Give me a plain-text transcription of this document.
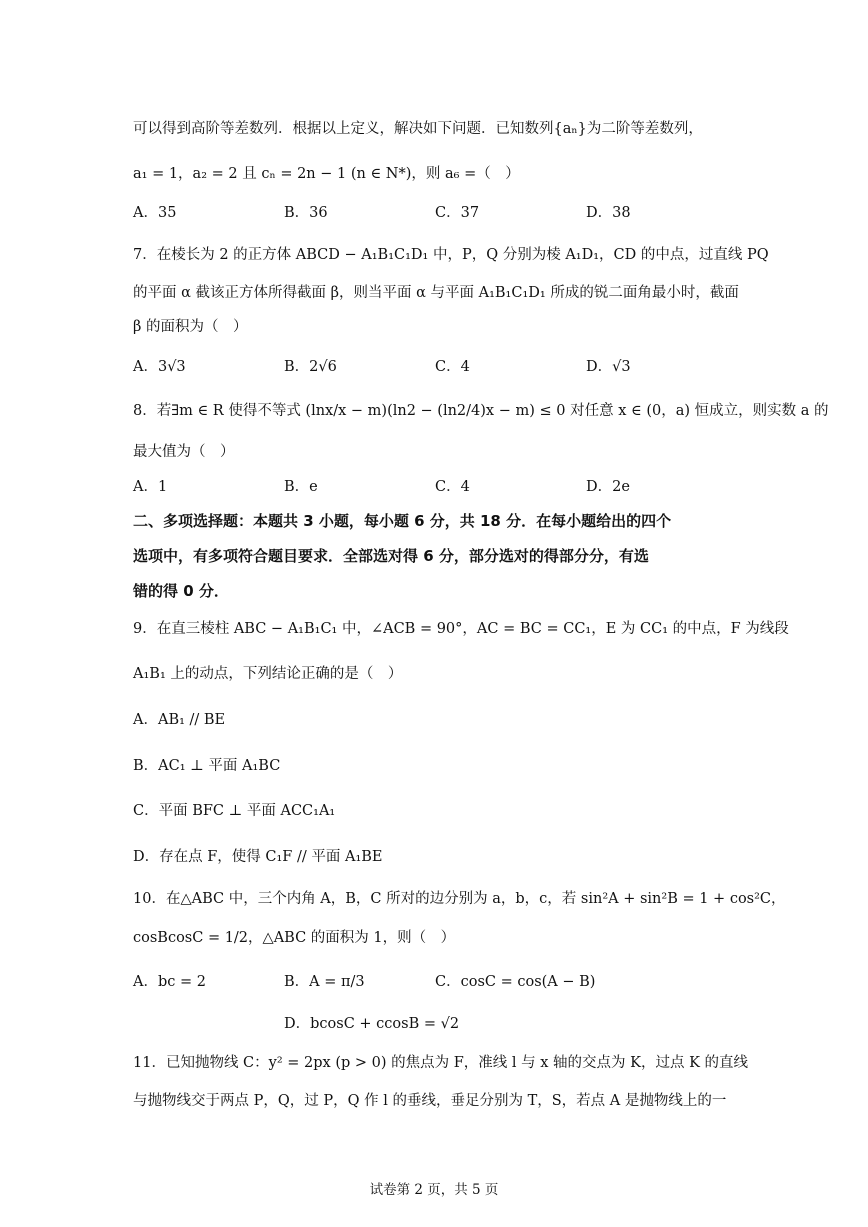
可以得到高阶等差数列．根据以上定义，解决如下问题．已知数列{aₙ}为二阶等差数列，
a₁ = 1，a₂ = 2 且 cₙ = 2n − 1 (n ∈ N*)，则 a₆ =（　）
A．35	B．36	C．37	D．38
7．在棱长为 2 的正方体 ABCD − A₁B₁C₁D₁ 中，P，Q 分别为棱 A₁D₁，CD 的中点，过直线 PQ
的平面 α 截该正方体所得截面 β，则当平面 α 与平面 A₁B₁C₁D₁ 所成的锐二面角最小时，截面
β 的面积为（　）
A．3√3	B．2√6	C．4	D．√3
8．若∃m ∈ R 使得不等式 (lnx/x − m)(ln2 − (ln2/4)x − m) ≤ 0 对任意 x ∈ (0，a) 恒成立，则实数 a 的
最大值为（　）
A．1	B．e	C．4	D．2e
二、多项选择题：本题共 3 小题，每小题 6 分，共 18 分．在每小题给出的四个
选项中，有多项符合题目要求．全部选对得 6 分，部分选对的得部分分，有选
错的得 0 分．
9．在直三棱柱 ABC − A₁B₁C₁ 中，∠ACB = 90°，AC = BC = CC₁，E 为 CC₁ 的中点，F 为线段
A₁B₁ 上的动点，下列结论正确的是（　）
A．AB₁ // BE
B．AC₁ ⊥ 平面 A₁BC
C．平面 BFC ⊥ 平面 ACC₁A₁
D．存在点 F，使得 C₁F // 平面 A₁BE
10．在△ABC 中，三个内角 A，B，C 所对的边分别为 a，b，c，若 sin²A + sin²B = 1 + cos²C，
cosBcosC = 1/2，△ABC 的面积为 1，则（　）
A．bc = 2	B．A = π/3	C．cosC = cos(A − B)
D．bcosC + ccosB = √2
11．已知抛物线 C：y² = 2px (p > 0) 的焦点为 F，准线 l 与 x 轴的交点为 K，过点 K 的直线
与抛物线交于两点 P，Q，过 P，Q 作 l 的垂线，垂足分别为 T，S，若点 A 是抛物线上的一
试卷第 2 页，共 5 页
